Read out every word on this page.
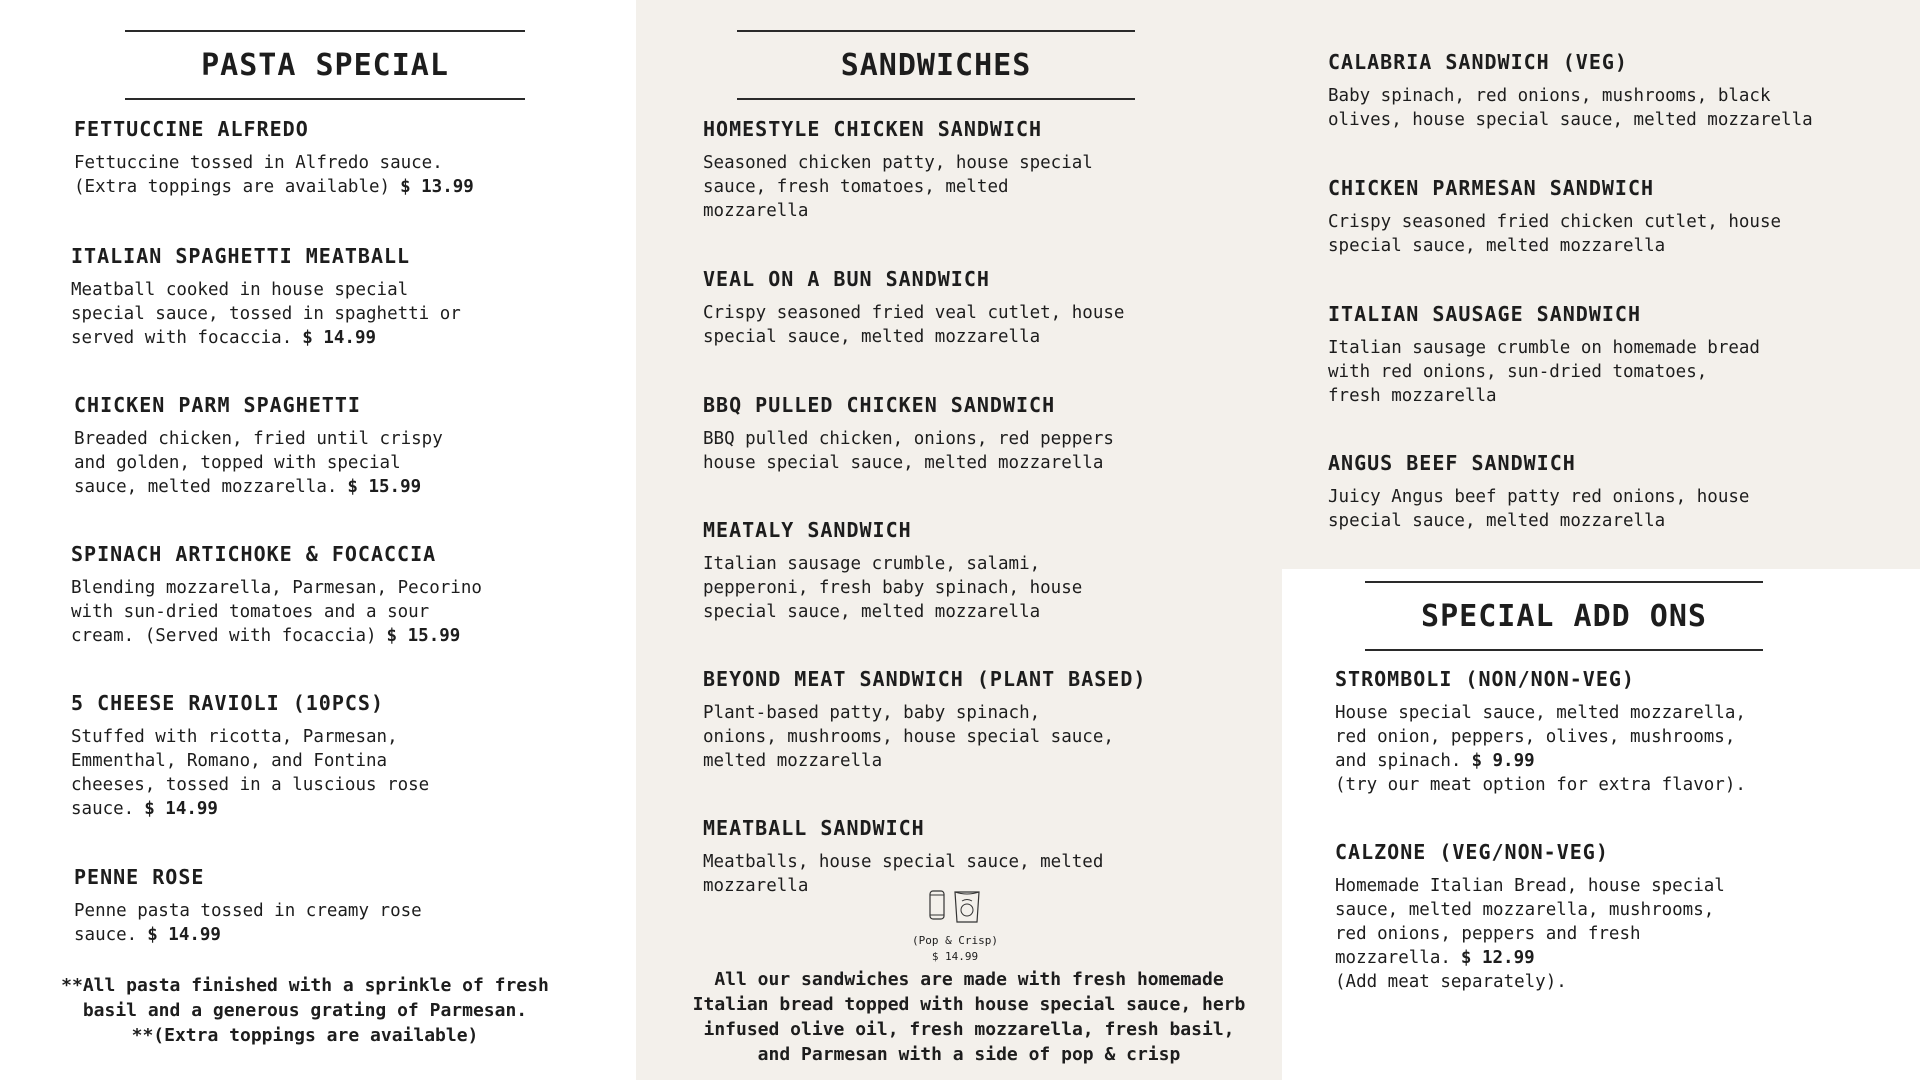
PASTA SPECIAL	SANDWICHES
SPECIAL ADD ONS
FETTUCCINE ALFREDO
Fettuccine tossed in Alfredo sauce.
(Extra toppings are available) $ 13.99
ITALIAN SPAGHETTI MEATBALL
Meatball cooked in house special
special sauce, tossed in spaghetti or
served with focaccia. $ 14.99
CHICKEN PARM SPAGHETTI
Breaded chicken, fried until crispy
and golden, topped with special
sauce, melted mozzarella. $ 15.99
SPINACH ARTICHOKE & FOCACCIA
Blending mozzarella, Parmesan, Pecorino
with sun-dried tomatoes and a sour
cream. (Served with focaccia) $ 15.99
5 CHEESE RAVIOLI (10PCS)
Stuffed with ricotta, Parmesan,
Emmenthal, Romano, and Fontina
cheeses, tossed in a luscious rose
sauce. $ 14.99
PENNE ROSE
Penne pasta tossed in creamy rose
sauce. $ 14.99
**All pasta finished with a sprinkle of fresh
basil and a generous grating of Parmesan.
**(Extra toppings are available)
HOMESTYLE CHICKEN SANDWICH
Seasoned chicken patty, house special
sauce, fresh tomatoes, melted
mozzarella
VEAL ON A BUN SANDWICH
Crispy seasoned fried veal cutlet, house
special sauce, melted mozzarella
BBQ PULLED CHICKEN SANDWICH
BBQ pulled chicken, onions, red peppers
house special sauce, melted mozzarella
MEATALY SANDWICH
Italian sausage crumble, salami,
pepperoni, fresh baby spinach, house
special sauce, melted mozzarella
BEYOND MEAT SANDWICH (PLANT BASED)
Plant-based patty, baby spinach,
onions, mushrooms, house special sauce,
melted mozzarella
MEATBALL SANDWICH
Meatballs, house special sauce, melted
mozzarella
(Pop & Crisp)
$ 14.99
All our sandwiches are made with fresh homemade
Italian bread topped with house special sauce, herb
infused olive oil, fresh mozzarella, fresh basil,
and Parmesan with a side of pop & crisp
CALABRIA SANDWICH (VEG)
Baby spinach, red onions, mushrooms, black
olives, house special sauce, melted mozzarella
CHICKEN PARMESAN SANDWICH
Crispy seasoned fried chicken cutlet, house
special sauce, melted mozzarella
ITALIAN SAUSAGE SANDWICH
Italian sausage crumble on homemade bread
with red onions, sun-dried tomatoes,
fresh mozzarella
ANGUS BEEF SANDWICH
Juicy Angus beef patty red onions, house
special sauce, melted mozzarella
STROMBOLI (NON/NON-VEG)
House special sauce, melted mozzarella,
red onion, peppers, olives, mushrooms,
and spinach. $ 9.99
(try our meat option for extra flavor).
CALZONE (VEG/NON-VEG)
Homemade Italian Bread, house special
sauce, melted mozzarella, mushrooms,
red onions, peppers and fresh
mozzarella. $ 12.99
(Add meat separately).
